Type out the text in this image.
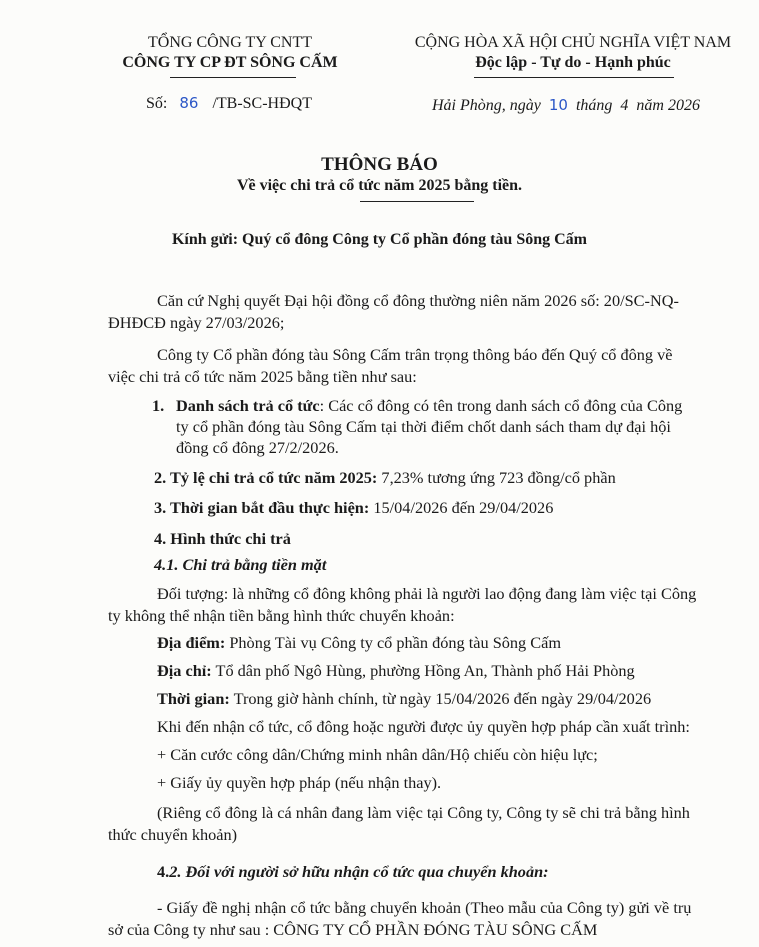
TỔNG CÔNG TY CNTT
CÔNG TY CP ĐT SÔNG CẤM
Số: 86 /TB-SC-HĐQT
CỘNG HÒA XÃ HỘI CHỦ NGHĨA VIỆT NAM
Độc lập - Tự do - Hạnh phúc
Hải Phòng, ngày 10 tháng 4 năm 2026
THÔNG BÁO
Về việc chi trả cổ tức năm 2025 bằng tiền.
Kính gửi: Quý cổ đông Công ty Cổ phần đóng tàu Sông Cấm
Căn cứ Nghị quyết Đại hội đồng cổ đông thường niên năm 2026 số: 20/SC-NQ-
ĐHĐCĐ ngày 27/03/2026;
Công ty Cổ phần đóng tàu Sông Cấm trân trọng thông báo đến Quý cổ đông về
việc chi trả cổ tức năm 2025 bằng tiền như sau:
1. Danh sách trả cổ tức: Các cổ đông có tên trong danh sách cổ đông của Công
ty cổ phần đóng tàu Sông Cấm tại thời điểm chốt danh sách tham dự đại hội
đồng cổ đông 27/2/2026.
2. Tỷ lệ chi trả cổ tức năm 2025: 7,23% tương ứng 723 đồng/cổ phần
3. Thời gian bắt đầu thực hiện: 15/04/2026 đến 29/04/2026
4. Hình thức chi trả
4.1. Chi trả bằng tiền mặt
Đối tượng: là những cổ đông không phải là người lao động đang làm việc tại Công
ty không thể nhận tiền bằng hình thức chuyển khoản:
Địa điểm: Phòng Tài vụ Công ty cổ phần đóng tàu Sông Cấm
Địa chỉ: Tổ dân phố Ngô Hùng, phường Hồng An, Thành phố Hải Phòng
Thời gian: Trong giờ hành chính, từ ngày 15/04/2026 đến ngày 29/04/2026
Khi đến nhận cổ tức, cổ đông hoặc người được ủy quyền hợp pháp cần xuất trình:
+ Căn cước công dân/Chứng minh nhân dân/Hộ chiếu còn hiệu lực;
+ Giấy ủy quyền hợp pháp (nếu nhận thay).
(Riêng cổ đông là cá nhân đang làm việc tại Công ty, Công ty sẽ chi trả bằng hình
thức chuyển khoản)
4.2. Đối với người sở hữu nhận cổ tức qua chuyển khoản:
- Giấy đề nghị nhận cổ tức bằng chuyển khoản (Theo mẫu của Công ty) gửi về trụ
sở của Công ty như sau : CÔNG TY CỔ PHẦN ĐÓNG TÀU SÔNG CẤM
